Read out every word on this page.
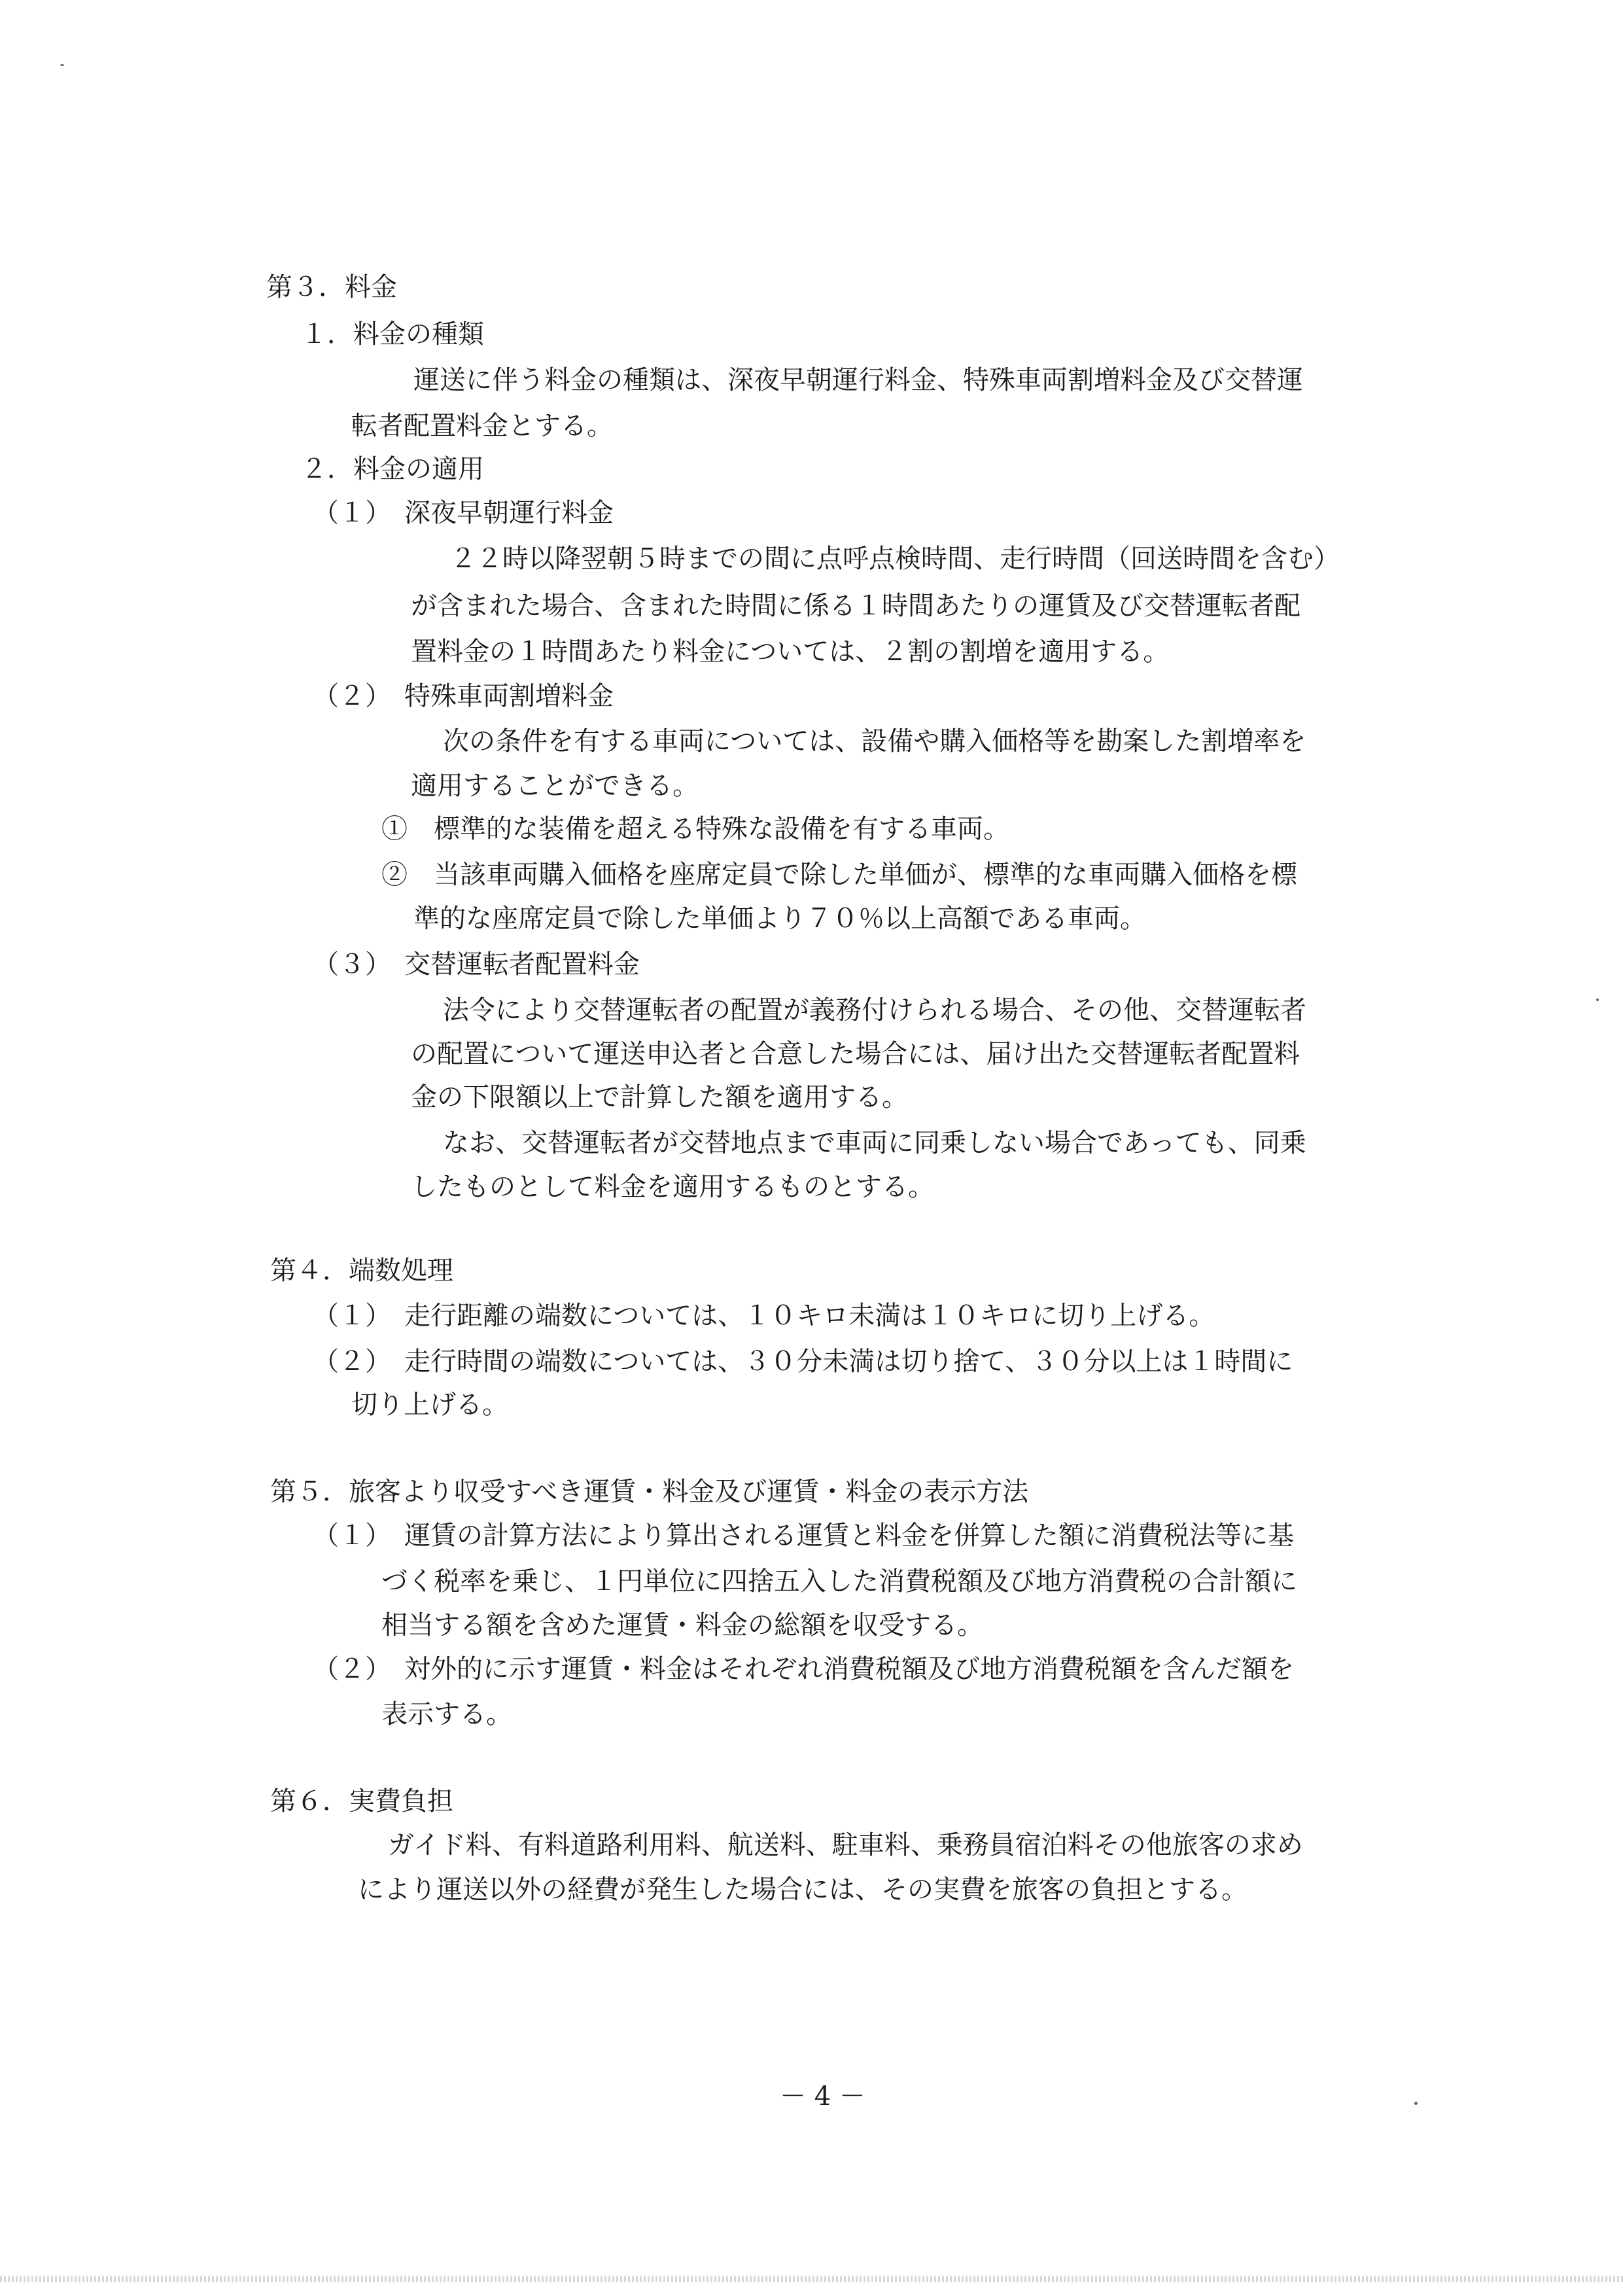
第３．料金
１．料金の種類
運送に伴う料金の種類は、深夜早朝運行料金、特殊車両割増料金及び交替運
転者配置料金とする。
２．料金の適用
（１）　深夜早朝運行料金
２２時以降翌朝５時までの間に点呼点検時間、走行時間（回送時間を含む）
が含まれた場合、含まれた時間に係る１時間あたりの運賃及び交替運転者配
置料金の１時間あたり料金については、２割の割増を適用する。
（２）　特殊車両割増料金
次の条件を有する車両については、設備や購入価格等を勘案した割増率を
適用することができる。
①　標準的な装備を超える特殊な設備を有する車両。
②　当該車両購入価格を座席定員で除した単価が、標準的な車両購入価格を標
準的な座席定員で除した単価より７０％以上高額である車両。
（３）　交替運転者配置料金
法令により交替運転者の配置が義務付けられる場合、その他、交替運転者
の配置について運送申込者と合意した場合には、届け出た交替運転者配置料
金の下限額以上で計算した額を適用する。
なお、交替運転者が交替地点まで車両に同乗しない場合であっても、同乗
したものとして料金を適用するものとする。
第４．端数処理
（１）　走行距離の端数については、１０キロ未満は１０キロに切り上げる。
（２）　走行時間の端数については、３０分未満は切り捨て、３０分以上は１時間に
切り上げる。
第５．旅客より収受すべき運賃・料金及び運賃・料金の表示方法
（１）　運賃の計算方法により算出される運賃と料金を併算した額に消費税法等に基
づく税率を乗じ、１円単位に四捨五入した消費税額及び地方消費税の合計額に
相当する額を含めた運賃・料金の総額を収受する。
（２）　対外的に示す運賃・料金はそれぞれ消費税額及び地方消費税額を含んだ額を
表示する。
第６．実費負担
ガイド料、有料道路利用料、航送料、駐車料、乗務員宿泊料その他旅客の求め
により運送以外の経費が発生した場合には、その実費を旅客の負担とする。
－ 4 －
